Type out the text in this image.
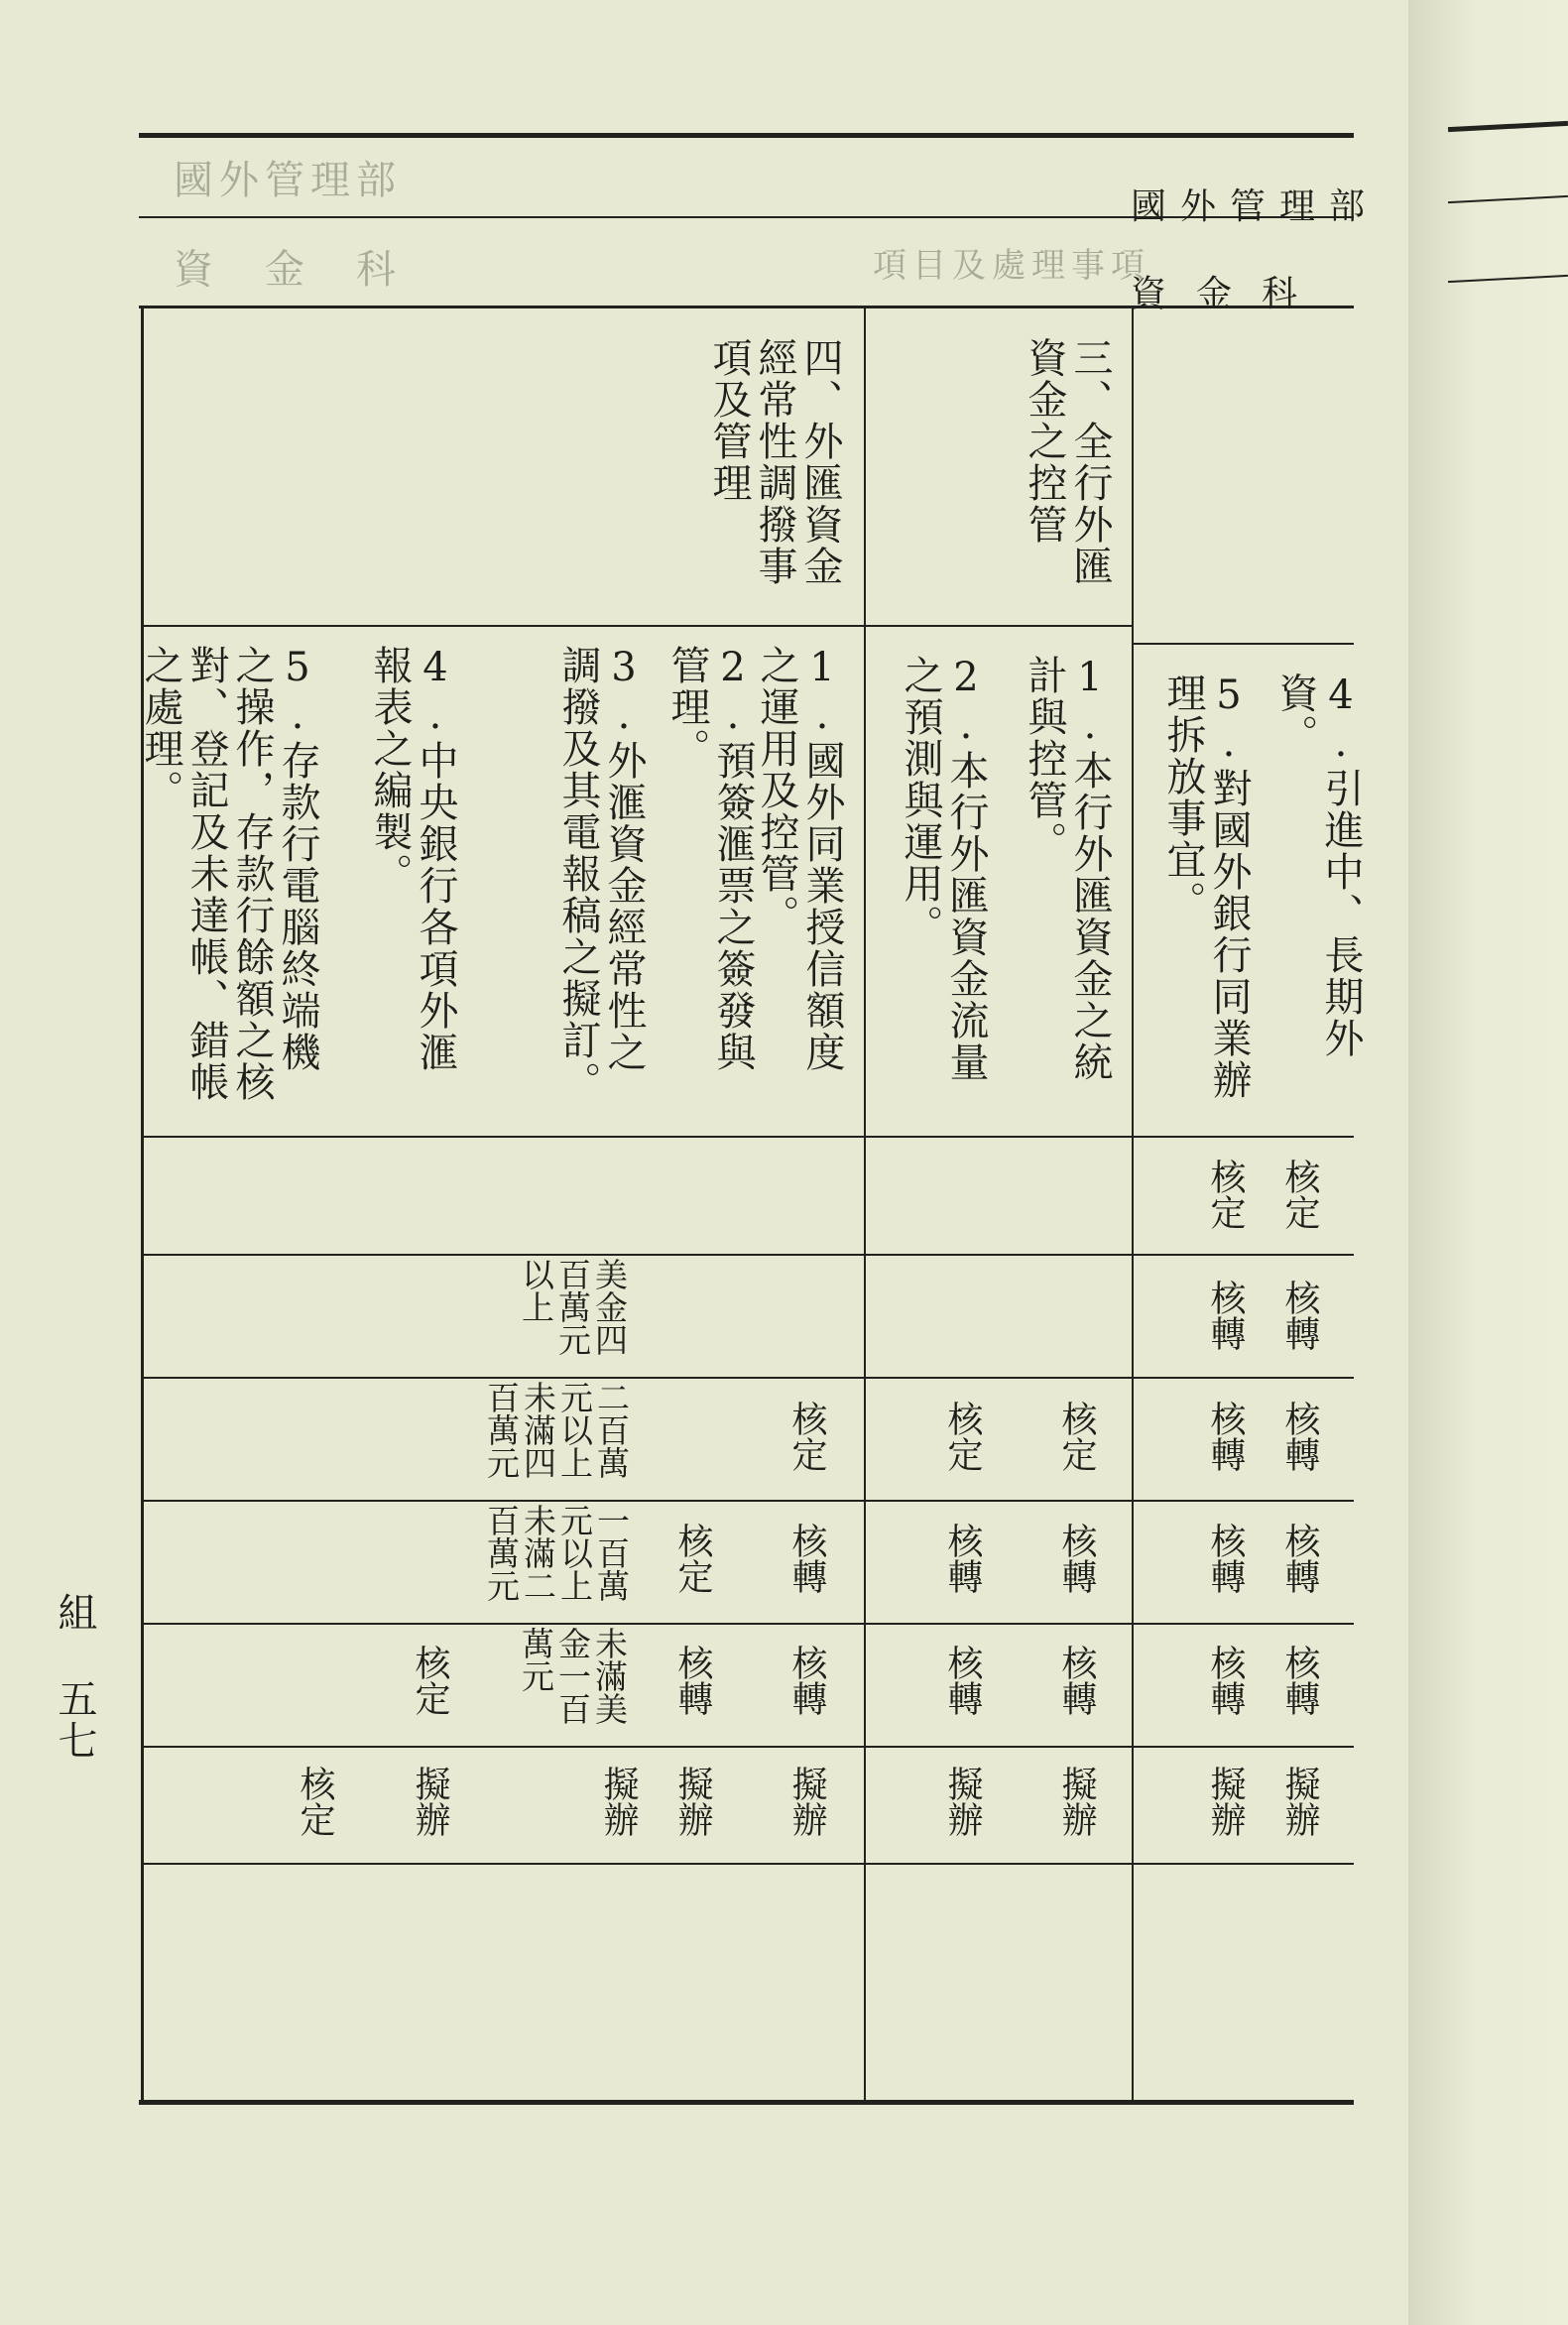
國外管理部
資　金　科	項目及處理事項
國外管理部
資金科
4.引進中、長期外資。
5.對國外銀行同業辦理拆放事宜。
核定
核轉
核轉
核轉
核轉
擬辦
核定
核轉
核轉
核轉
核轉
擬辦
三、全行外匯資金之控管
1.本行外匯資金之統計與控管。
2.本行外匯資金流量之預測與運用。
核定
核轉
核轉
擬辦
核定
核轉
核轉
擬辦
四、外匯資金經常性調撥事項及管理
1.國外同業授信額度之運用及控管。
2.預簽滙票之簽發與管理。
3.外滙資金經常性之調撥及其電報稿之擬訂。
4.中央銀行各項外滙報表之編製。
5.存款行電腦終端機之操作，存款行餘額之核對、登記及未達帳、錯帳之處理。
核定
核轉
核轉
擬辦
核定
核轉
擬辦
擬辦
核定
擬辦
核定
美金四百萬元以上
二百萬元以上未滿四百萬元
一百萬元以上未滿二百萬元
未滿美金一百萬元
組
五七
